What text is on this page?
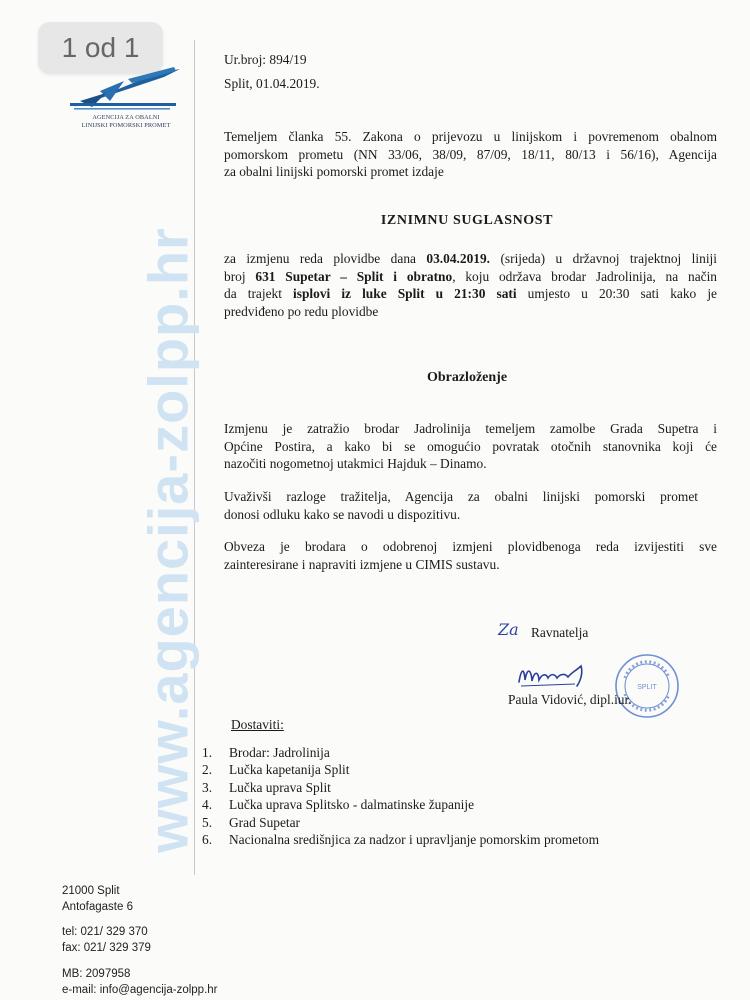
1 od 1
AGENCIJA ZA OBALNI
LINIJSKI POMORSKI PROMET
www.agencija-zolpp.hr
Ur.broj: 894/19
Split, 01.04.2019.
Temeljem članka 55. Zakona o prijevozu u linijskom i povremenom obalnom
pomorskom prometu (NN 33/06, 38/09, 87/09, 18/11, 80/13 i 56/16), Agencija
za obalni linijski pomorski promet izdaje
IZNIMNU SUGLASNOST
za izmjenu reda plovidbe dana 03.04.2019. (srijeda) u državnoj trajektnoj liniji
broj 631 Supetar – Split i obratno, koju održava brodar Jadrolinija, na način
da trajekt isplovi iz luke Split u 21:30 sati umjesto u 20:30 sati kako je
predviđeno po redu plovidbe
Obrazloženje
Izmjenu je zatražio brodar Jadrolinija temeljem zamolbe Grada Supetra i
Općine Postira, a kako bi se omogućio povratak otočnih stanovnika koji će
nazočiti nogometnoj utakmici Hajduk – Dinamo.
Uvaživši razloge tražitelja, Agencija za obalni linijski pomorski promet
donosi odluku kako se navodi u dispozitivu.
Obveza je brodara o odobrenoj izmjeni plovidbenoga reda izvijestiti sve
zainteresirane i napraviti izmjene u CIMIS sustavu.
Za Ravnatelja
SPLIT
Paula Vidović, dipl.iur.
Dostaviti:
1. Brodar: Jadrolinija
2. Lučka kapetanija Split
3. Lučka uprava Split
4. Lučka uprava Splitsko - dalmatinske županije
5. Grad Supetar
6. Nacionalna središnjica za nadzor i upravljanje pomorskim prometom
21000 Split
Antofagaste 6
tel: 021/ 329 370
fax: 021/ 329 379
MB: 2097958
e-mail: info@agencija-zolpp.hr
